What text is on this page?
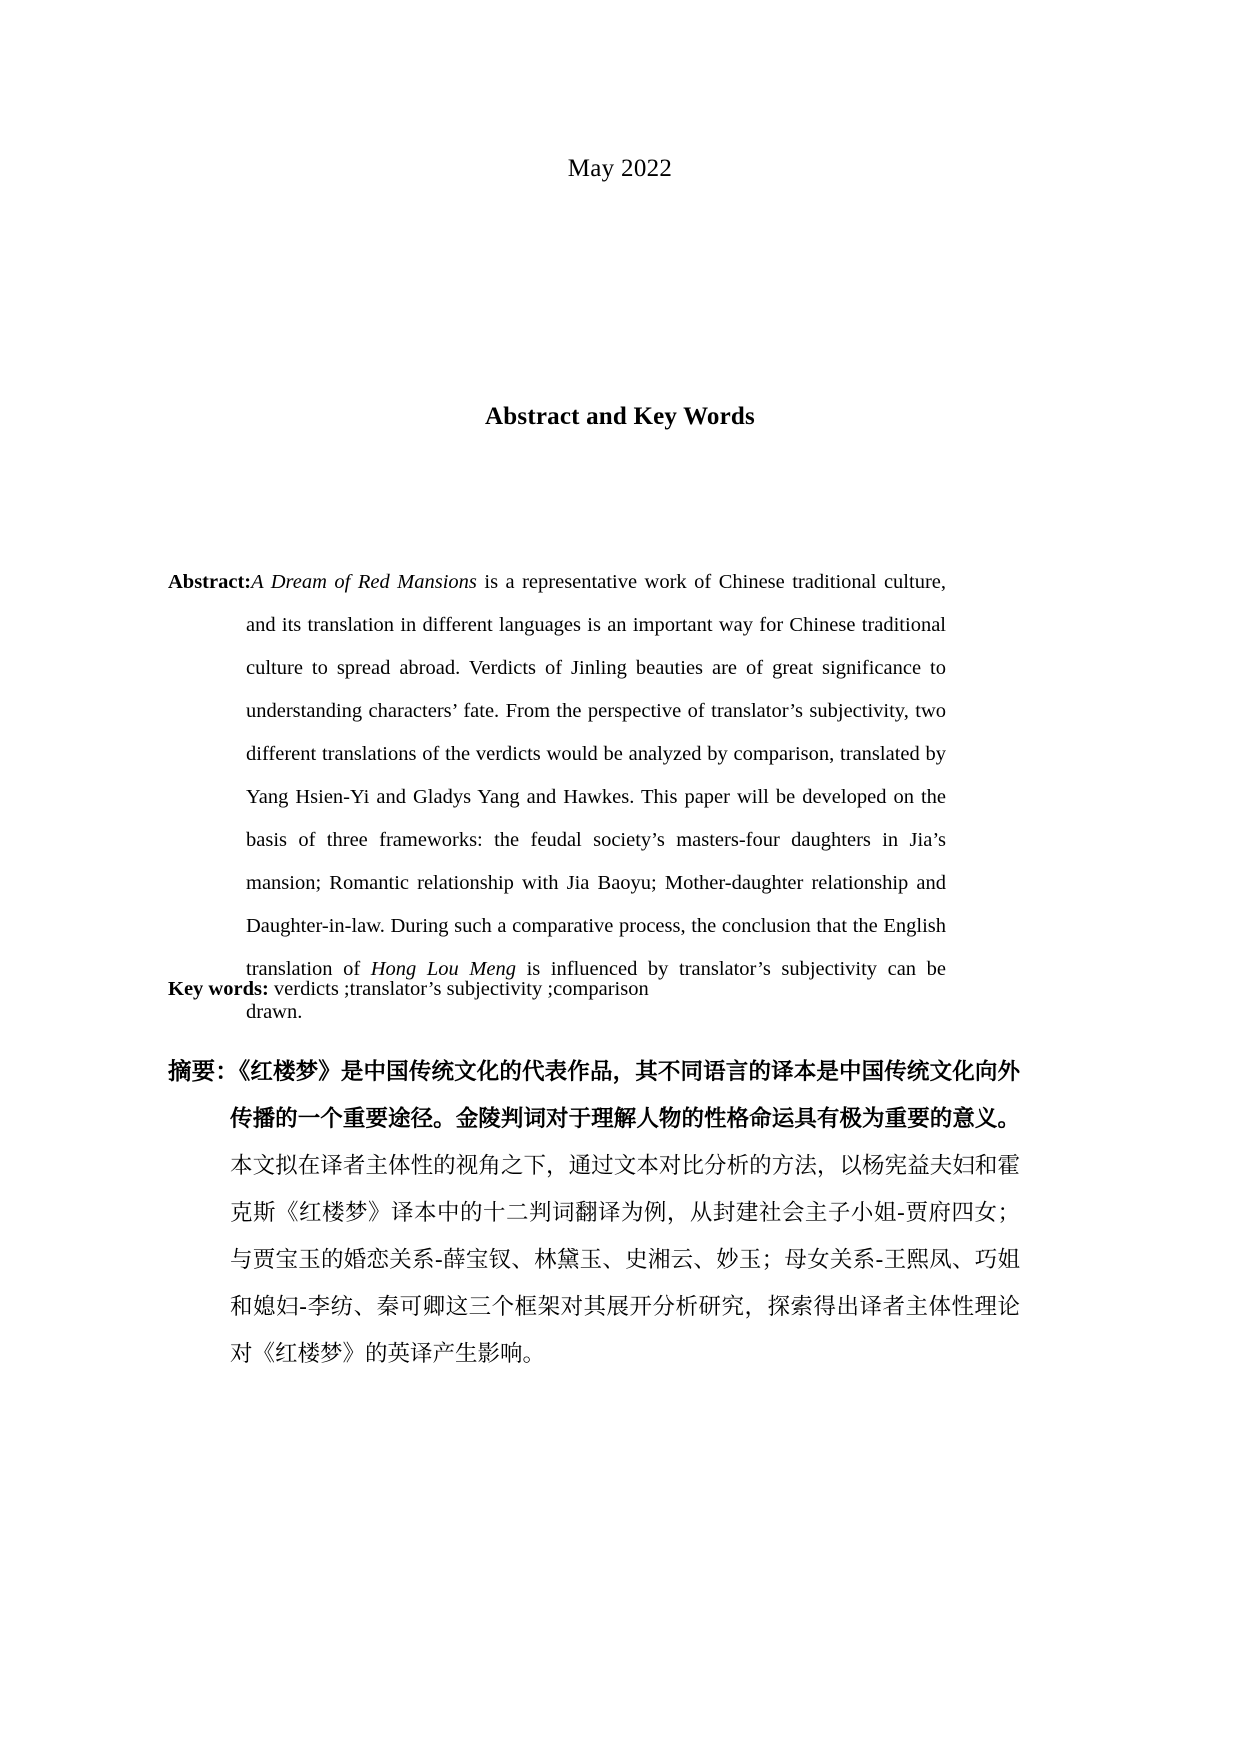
May 2022
Abstract and Key Words

Abstract:A Dream of Red Mansions is a representative work of Chinese traditional culture, and its translation in different languages is an important way for Chinese traditional culture to spread abroad. Verdicts of Jinling beauties are of great significance to understanding characters’ fate. From the perspective of translator’s subjectivity, two different translations of the verdicts would be analyzed by comparison, translated by Yang Hsien-Yi and Gladys Yang and Hawkes. This paper will be developed on the basis of three frameworks: the feudal society’s masters-four daughters in Jia’s mansion; Romantic relationship with Jia Baoyu; Mother-daughter relationship and Daughter-in-law. During such a comparative process, the conclusion that the English translation of Hong Lou Meng is influenced by translator’s subjectivity can be drawn.

Key words: verdicts ;translator’s subjectivity ;comparison
摘要：《红楼梦》是中国传统文化的代表作品，其不同语言的译本是中国传统文化向外传播的一个重要途径。金陵判词对于理解人物的性格命运具有极为重要的意义。本文拟在译者主体性的视角之下，通过文本对比分析的方法，以杨宪益夫妇和霍克斯《红楼梦》译本中的十二判词翻译为例，从封建社会主子小姐-贾府四女；与贾宝玉的婚恋关系-薛宝钗、林黛玉、史湘云、妙玉；母女关系-王熙凤、巧姐和媳妇-李纺、秦可卿这三个框架对其展开分析研究，探索得出译者主体性理论对《红楼梦》的英译产生影响。
